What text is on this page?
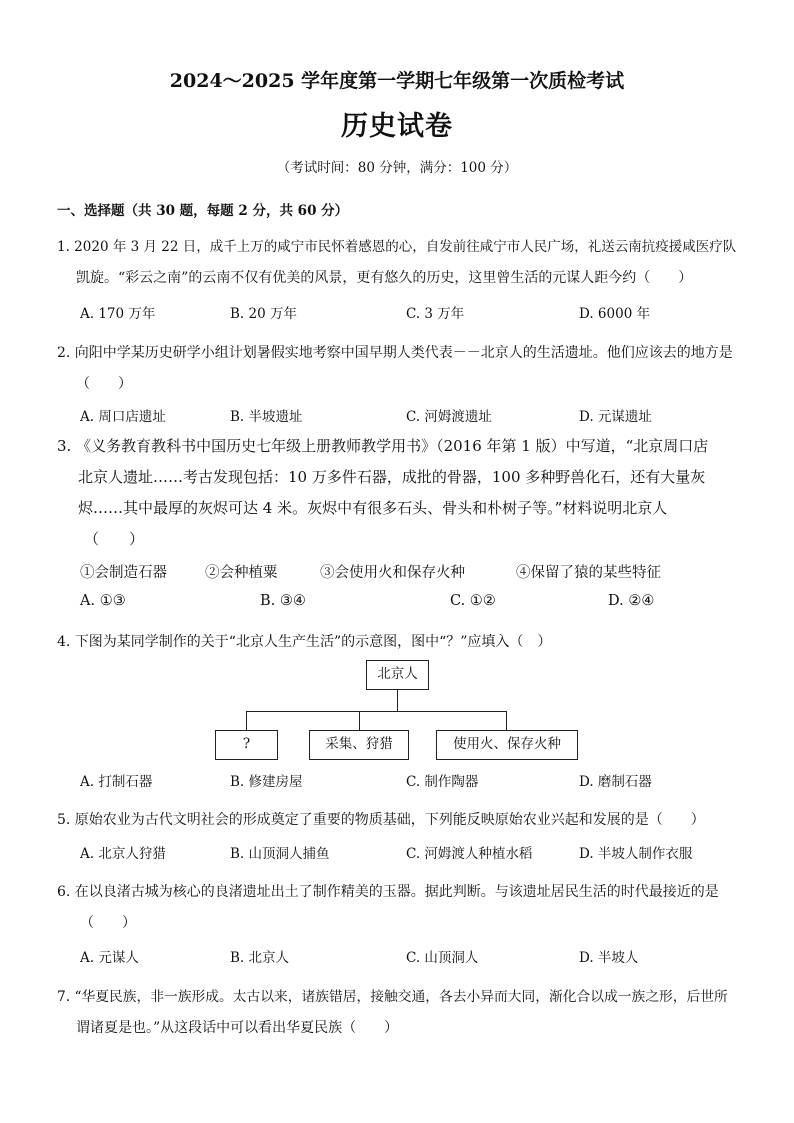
2024～2025 学年度第一学期七年级第一次质检考试
历史试卷
（考试时间：80 分钟，满分：100 分）
一、选择题（共 30 题，每题 2 分，共 60 分）
1. 2020 年 3 月 22 日，成千上万的咸宁市民怀着感恩的心，自发前往咸宁市人民广场，礼送云南抗疫援咸医疗队
凯旋。“彩云之南”的云南不仅有优美的风景，更有悠久的历史，这里曾生活的元谋人距今约（　　）
A. 170 万年	B. 20 万年	C. 3 万年	D. 6000 年
2. 向阳中学某历史研学小组计划暑假实地考察中国早期人类代表－－北京人的生活遗址。他们应该去的地方是
（　　）
A. 周口店遗址	B. 半坡遗址	C. 河姆渡遗址	D. 元谋遗址
3. 《义务教育教科书中国历史七年级上册教师教学用书》（2016 年第 1 版）中写道，“北京周口店
北京人遗址……考古发现包括：10 万多件石器，成批的骨器，100 多种野兽化石，还有大量灰
烬……其中最厚的灰烬可达 4 米。灰烬中有很多石头、骨头和朴树子等。”材料说明北京人
（　　）
①会制造石器	②会种植粟	③会使用火和保存火种	④保留了猿的某些特征
A. ①③	B. ③④	C. ①②	D. ②④
4. 下图为某同学制作的关于“北京人生产生活”的示意图，图中“？”应填入（　）
北京人
?	采集、狩猎	使用火、保存火种
A. 打制石器	B. 修建房屋	C. 制作陶器	D. 磨制石器
5. 原始农业为古代文明社会的形成奠定了重要的物质基础，下列能反映原始农业兴起和发展的是（　　）
A. 北京人狩猎	B. 山顶洞人捕鱼	C. 河姆渡人种植水稻	D. 半坡人制作衣服
6. 在以良渚古城为核心的良渚遗址出土了制作精美的玉器。据此判断。与该遗址居民生活的时代最接近的是
（　　）
A. 元谋人	B. 北京人	C. 山顶洞人	D. 半坡人
7. “华夏民族，非一族形成。太古以来，诸族错居，接触交通，各去小异而大同，渐化合以成一族之形，后世所
谓诸夏是也。”从这段话中可以看出华夏民族（　　）
